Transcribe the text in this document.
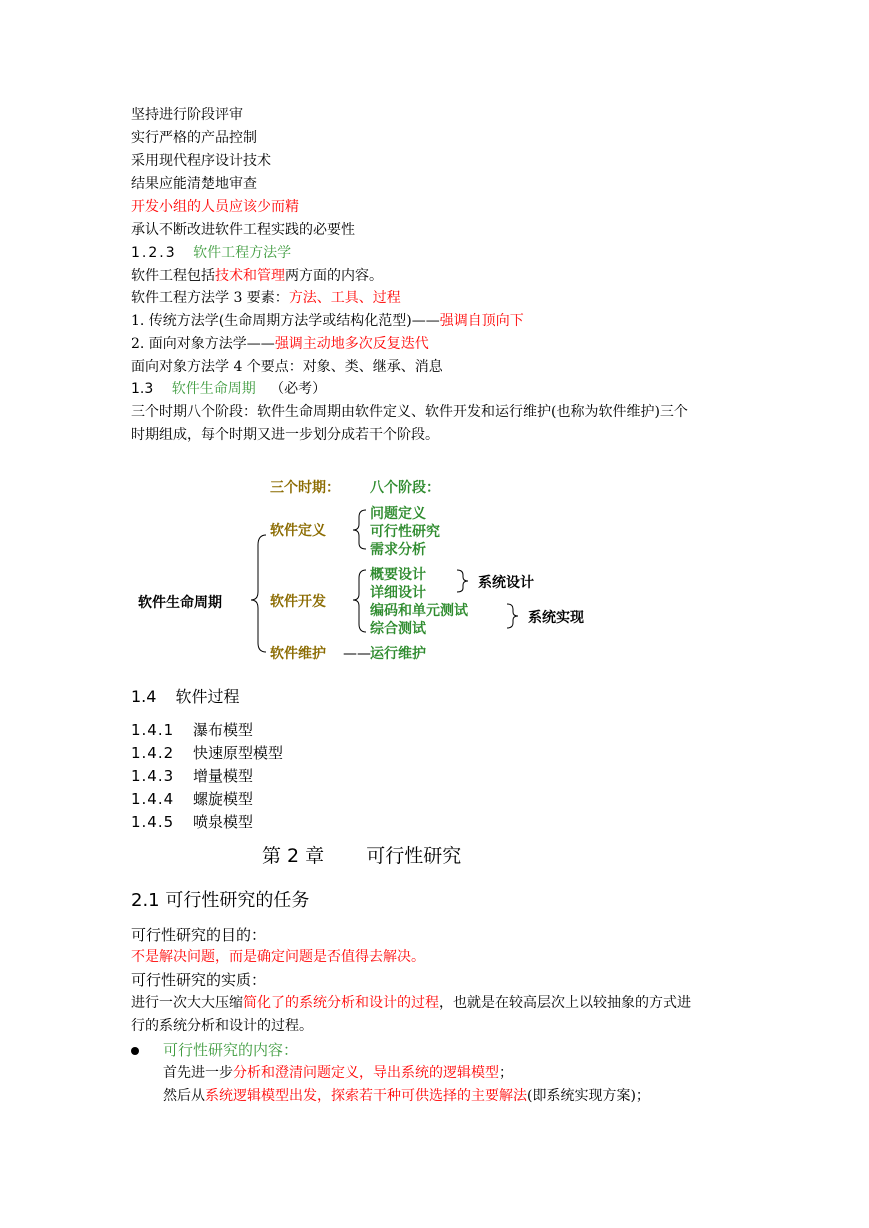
坚持进行阶段评审
实行严格的产品控制
采用现代程序设计技术
结果应能清楚地审查
开发小组的人员应该少而精
承认不断改进软件工程实践的必要性
1.2.3 软件工程方法学
软件工程包括技术和管理两方面的内容。
软件工程方法学 3 要素：方法、工具、过程
1. 传统方法学(生命周期方法学或结构化范型)——强调自顶向下
2. 面向对象方法学——强调主动地多次反复迭代
面向对象方法学 4 个要点：对象、类、继承、消息
1.3 软件生命周期 （必考）
三个时期八个阶段：软件生命周期由软件定义、软件开发和运行维护(也称为软件维护)三个
时期组成，每个时期又进一步划分成若干个阶段。
三个时期： 八个阶段：
软件生命周期
软件定义
软件开发
软件维护
问题定义
可行性研究
需求分析
概要设计
详细设计
编码和单元测试
综合测试
系统设计
系统实现
—— 运行维护
1.4 软件过程
1.4.1 瀑布模型
1.4.2 快速原型模型
1.4.3 增量模型
1.4.4 螺旋模型
1.4.5 喷泉模型
第 2 章 可行性研究
2.1 可行性研究的任务
可行性研究的目的：
不是解决问题，而是确定问题是否值得去解决。
可行性研究的实质：
进行一次大大压缩简化了的系统分析和设计的过程，也就是在较高层次上以较抽象的方式进
行的系统分析和设计的过程。
可行性研究的内容：
首先进一步分析和澄清问题定义，导出系统的逻辑模型；
然后从系统逻辑模型出发，探索若干种可供选择的主要解法(即系统实现方案)；
